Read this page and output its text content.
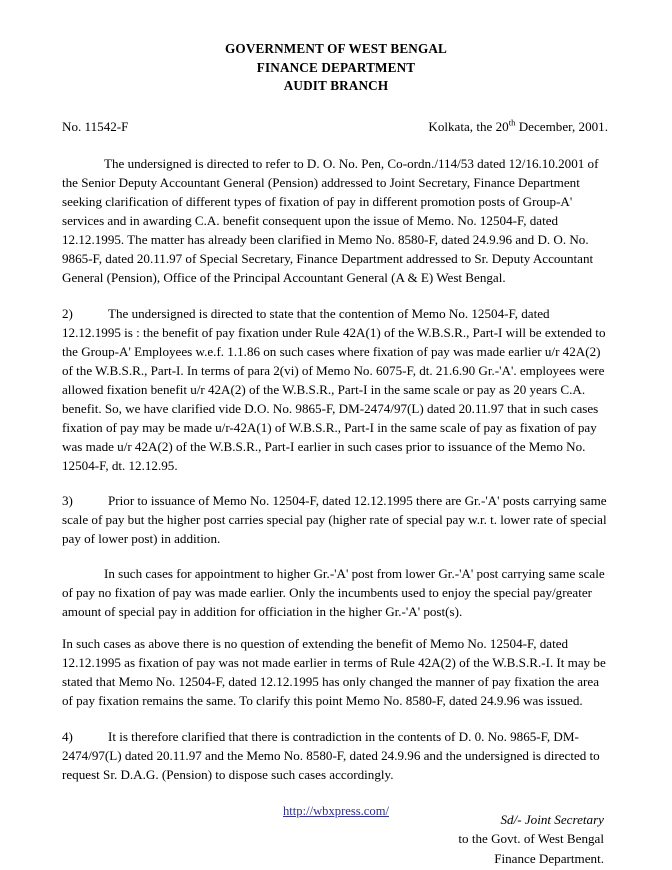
GOVERNMENT OF WEST BENGAL
FINANCE DEPARTMENT
AUDIT BRANCH
No. 11542-F	Kolkata, the 20th December, 2001.

The undersigned is directed to refer to D. O. No. Pen, Co-ordn./114/53 dated 12/16.10.2001 of the Senior Deputy Accountant General (Pension) addressed to Joint Secretary, Finance Department seeking clarification of different types of fixation of pay in different promotion posts of Group-A' services and in awarding C.A. benefit consequent upon the issue of Memo. No. 12504-F, dated 12.12.1995. The matter has already been clarified in Memo No. 8580-F, dated 24.9.96 and D. O. No. 9865-F, dated 20.11.97 of Special Secretary, Finance Department addressed to Sr. Deputy Accountant General (Pension), Office of the Principal Accountant General (A & E) West Bengal.

2)	The undersigned is directed to state that the contention of Memo No. 12504-F, dated 12.12.1995 is : the benefit of pay fixation under Rule 42A(1) of the W.B.S.R., Part-I will be extended to the Group-A' Employees w.e.f. 1.1.86 on such cases where fixation of pay was made earlier u/r 42A(2) of the W.B.S.R., Part-I. In terms of para 2(vi) of Memo No. 6075-F, dt. 21.6.90 Gr.-'A'. employees were allowed fixation benefit u/r 42A(2) of the W.B.S.R., Part-I in the same scale or pay as 20 years C.A. benefit. So, we have clarified vide D.O. No. 9865-F, DM-2474/97(L) dated 20.11.97 that in such cases fixation of pay may be made u/r-42A(1) of W.B.S.R., Part-I in the same scale of pay as fixation of pay was made u/r 42A(2) of the W.B.S.R., Part-I earlier in such cases prior to issuance of the Memo No. 12504-F, dt. 12.12.95.

3)	Prior to issuance of Memo No. 12504-F, dated 12.12.1995 there are Gr.-'A' posts carrying same scale of pay but the higher post carries special pay (higher rate of special pay w.r. t. lower rate of special pay of lower post) in addition.

In such cases for appointment to higher Gr.-'A' post from lower Gr.-'A' post carrying same scale of pay no fixation of pay was made earlier. Only the incumbents used to enjoy the special pay/greater amount of special pay in addition for officiation in the higher Gr.-'A' post(s).

In such cases as above there is no question of extending the benefit of Memo No. 12504-F, dated 12.12.1995 as fixation of pay was not made earlier in terms of Rule 42A(2) of the W.B.S.R.-I. It may be stated that Memo No. 12504-F, dated 12.12.1995 has only changed the manner of pay fixation the area of pay fixation remains the same. To clarify this point Memo No. 8580-F, dated 24.9.96 was issued.

4)	It is therefore clarified that there is contradiction in the contents of D. 0. No. 9865-F, DM-2474/97(L) dated 20.11.97 and the Memo No. 8580-F, dated 24.9.96 and the undersigned is directed to request Sr. D.A.G. (Pension) to dispose such cases accordingly.

Sd/- Joint Secretary
to the Govt. of West Bengal
Finance Department.
http://wbxpress.com/
